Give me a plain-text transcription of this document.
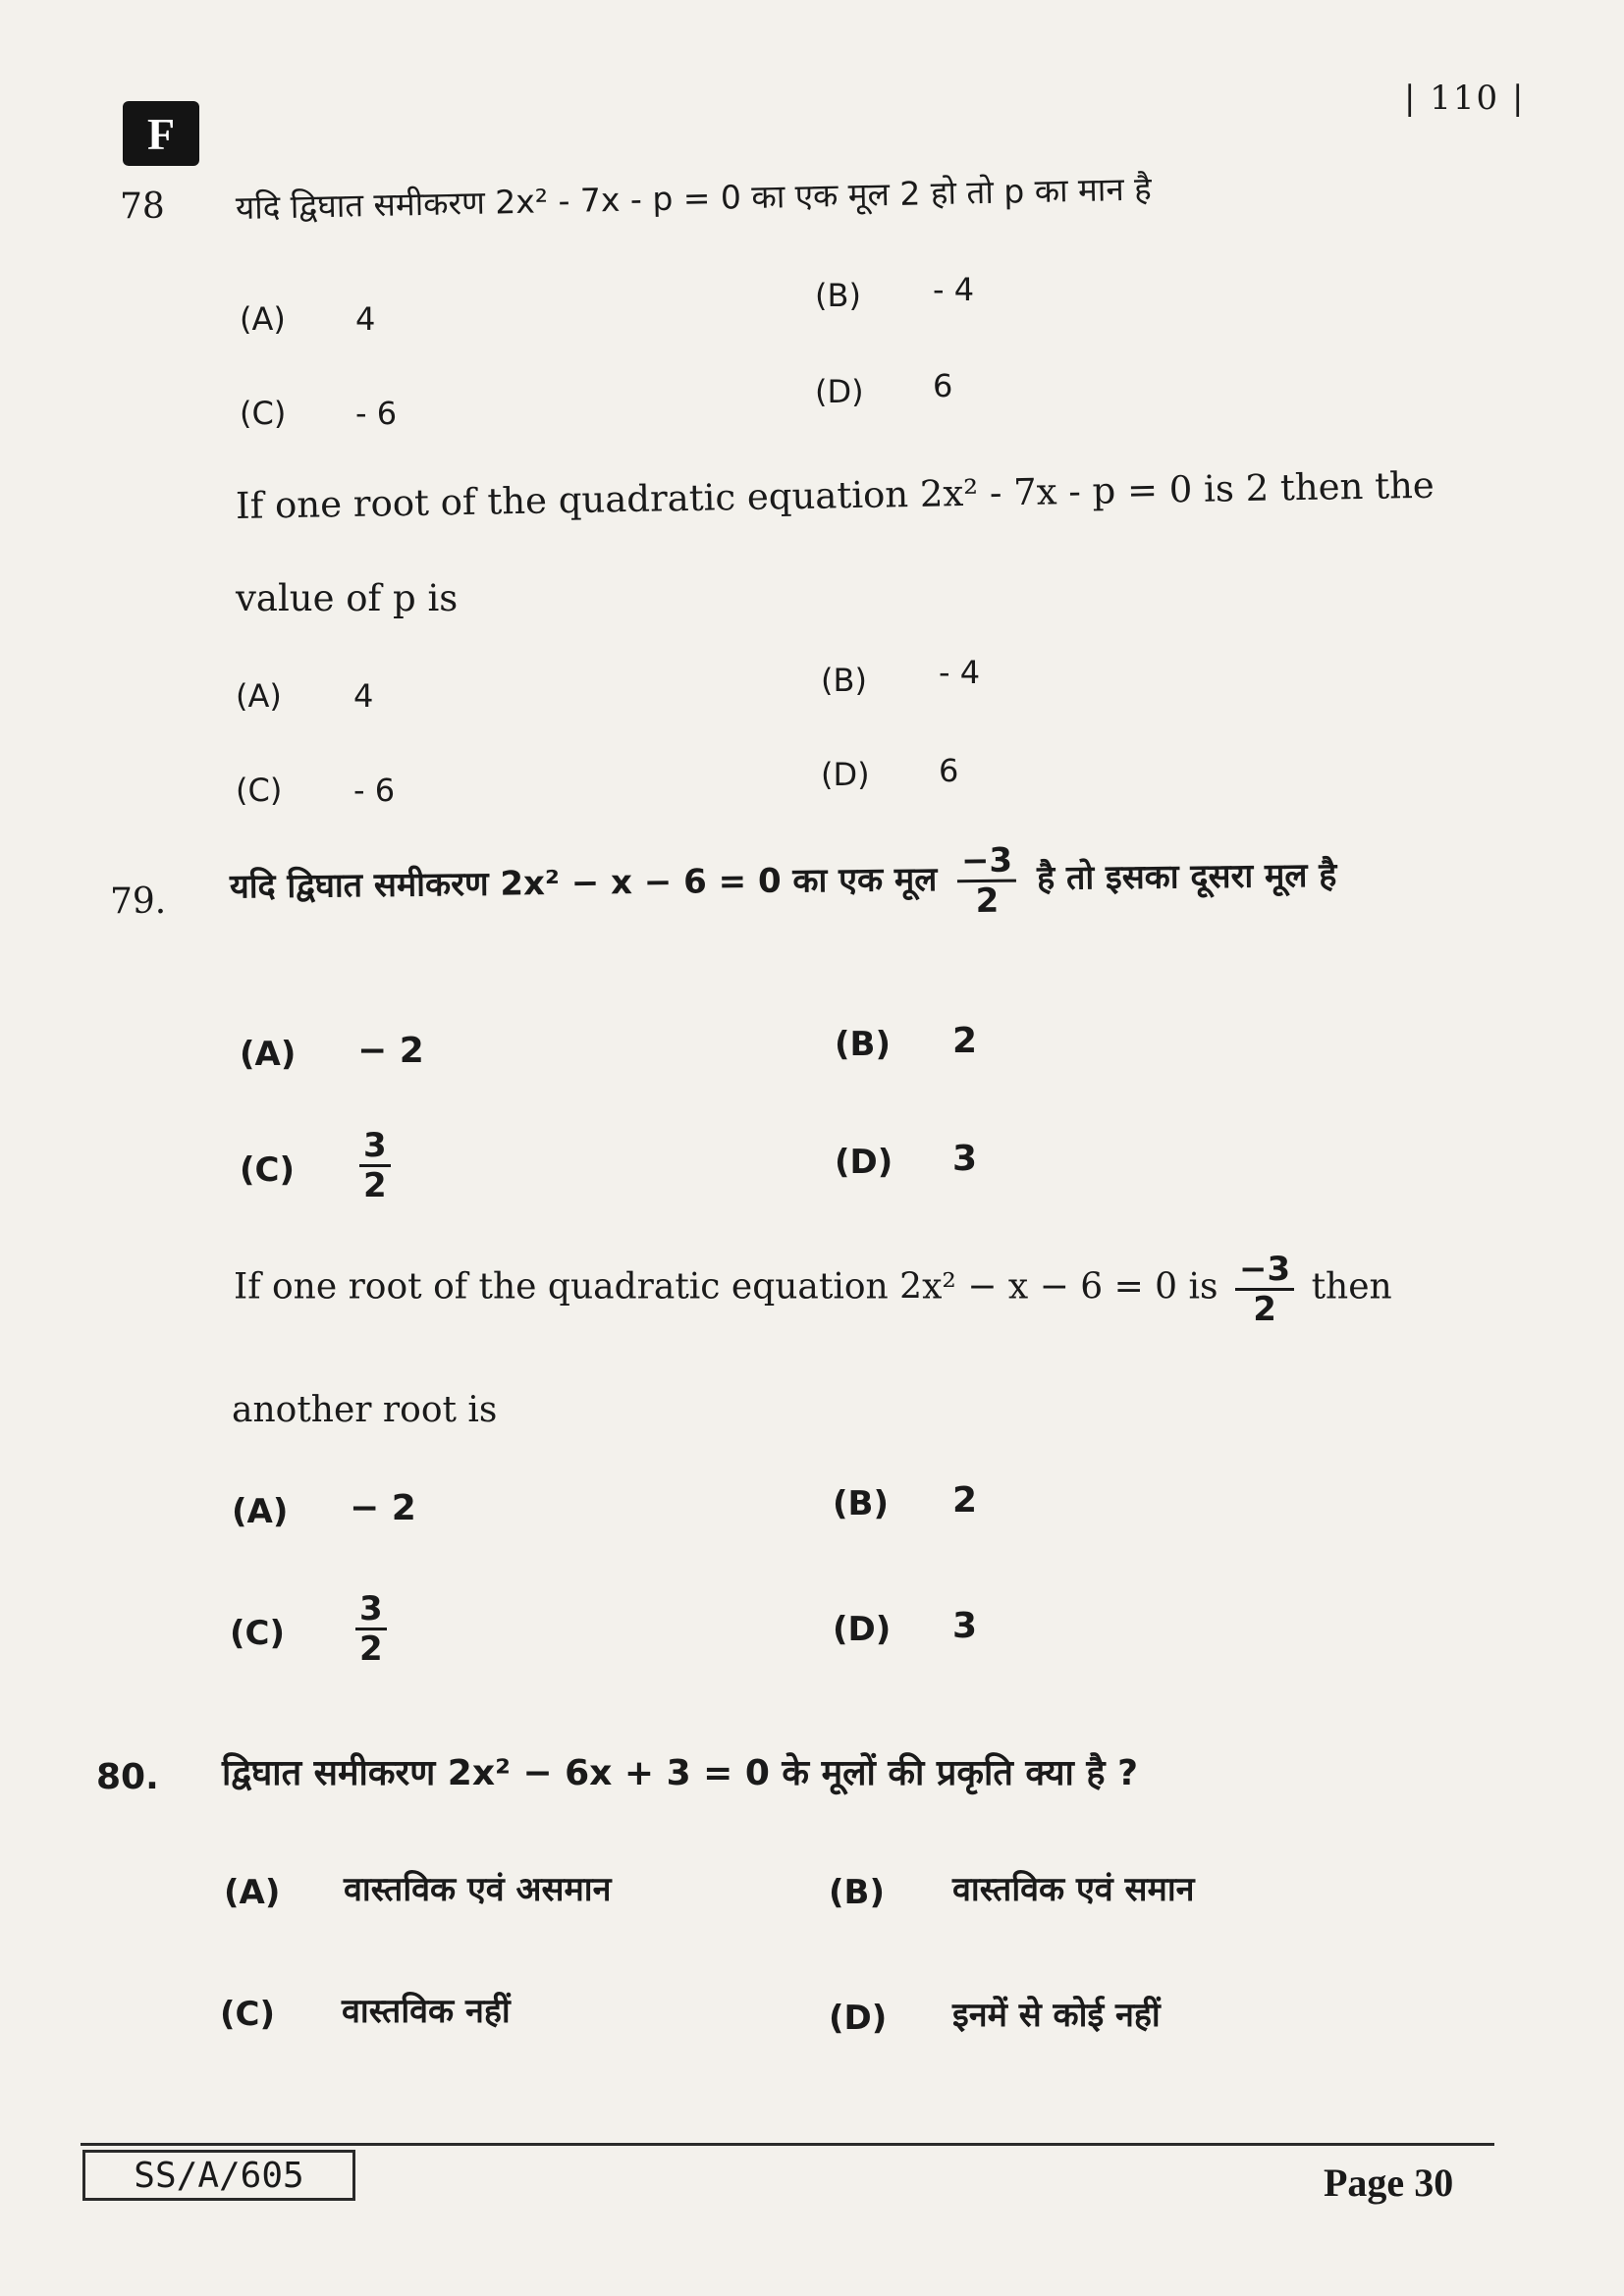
F
| 110 |
78 यदि द्विघात समीकरण 2x² - 7x - p = 0 का एक मूल 2 हो तो p का मान है
(A) 4
(B) - 4
(C) - 6
(D) 6
If one root of the quadratic equation 2x² - 7x - p = 0 is 2 then the
value of p is
(A) 4	(B) - 4
(C) - 6	(D) 6
79. यदि द्विघात समीकरण 2x² − x − 6 = 0 का एक मूल $\frac{-3}{2}$ है तो इसका दूसरा मूल है
(A) − 2	(B) 2
$(C) \frac{3}{2}$	(D) 3
If one root of the quadratic equation 2x² − x − 6 = 0 is $\frac{-3}{2}$ then
another root is
(A) − 2	(B) 2
$(C) \frac{3}{2}$	(D) 3
80. द्विघात समीकरण 2x² − 6x + 3 = 0 के मूलों की प्रकृति क्या है ?
(A) वास्तविक एवं असमान	(B) वास्तविक एवं समान
(C) वास्तविक नहीं	(D) इनमें से कोई नहीं
SS/A/605	Page 30
